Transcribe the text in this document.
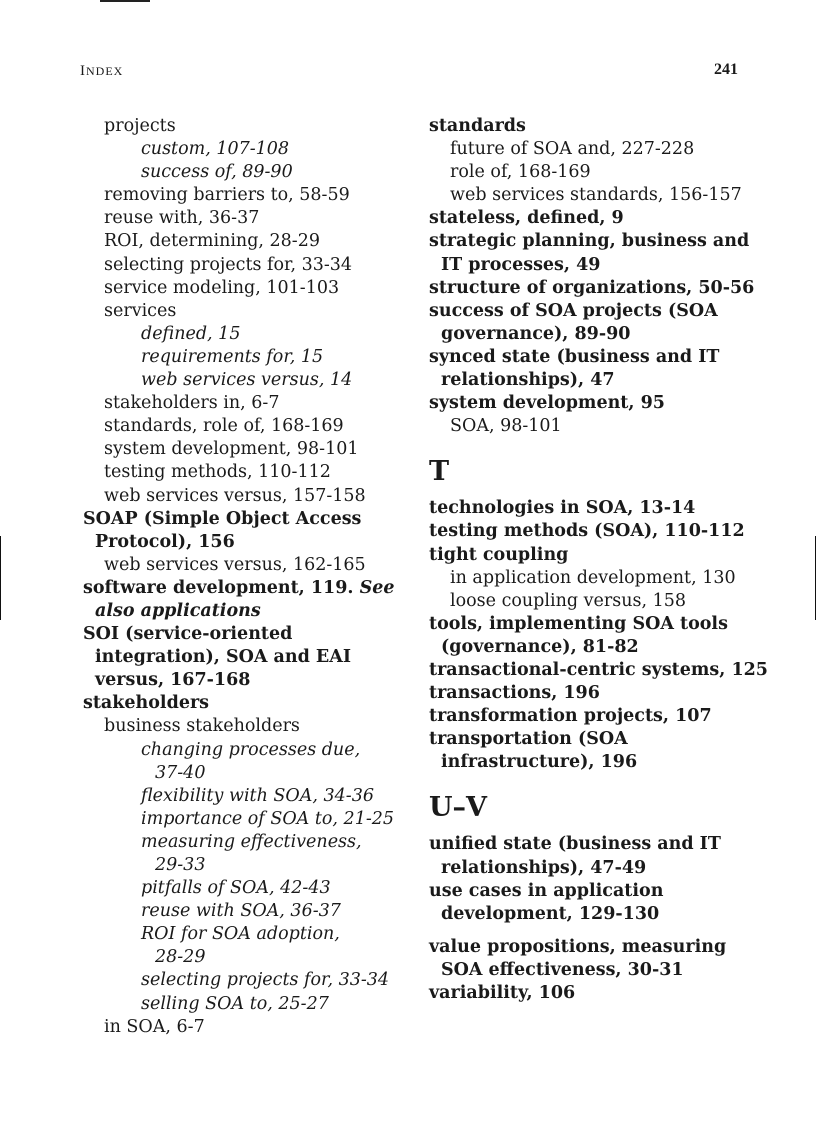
INDEX	241
projects
custom, 107-108
success of, 89-90
removing barriers to, 58-59
reuse with, 36-37
ROI, determining, 28-29
selecting projects for, 33-34
service modeling, 101-103
services
defined, 15
requirements for, 15
web services versus, 14
stakeholders in, 6-7
standards, role of, 168-169
system development, 98-101
testing methods, 110-112
web services versus, 157-158
SOAP (Simple Object Access
Protocol), 156
web services versus, 162-165
software development, 119. See
also applications
SOI (service-oriented
integration), SOA and EAI
versus, 167-168
stakeholders
business stakeholders
changing processes due,
37-40
flexibility with SOA, 34-36
importance of SOA to, 21-25
measuring effectiveness,
29-33
pitfalls of SOA, 42-43
reuse with SOA, 36-37
ROI for SOA adoption,
28-29
selecting projects for, 33-34
selling SOA to, 25-27
in SOA, 6-7
standards
future of SOA and, 227-228
role of, 168-169
web services standards, 156-157
stateless, defined, 9
strategic planning, business and
IT processes, 49
structure of organizations, 50-56
success of SOA projects (SOA
governance), 89-90
synced state (business and IT
relationships), 47
system development, 95
SOA, 98-101
T
technologies in SOA, 13-14
testing methods (SOA), 110-112
tight coupling
in application development, 130
loose coupling versus, 158
tools, implementing SOA tools
(governance), 81-82
transactional-centric systems, 125
transactions, 196
transformation projects, 107
transportation (SOA
infrastructure), 196
U–V
unified state (business and IT
relationships), 47-49
use cases in application
development, 129-130
value propositions, measuring
SOA effectiveness, 30-31
variability, 106
